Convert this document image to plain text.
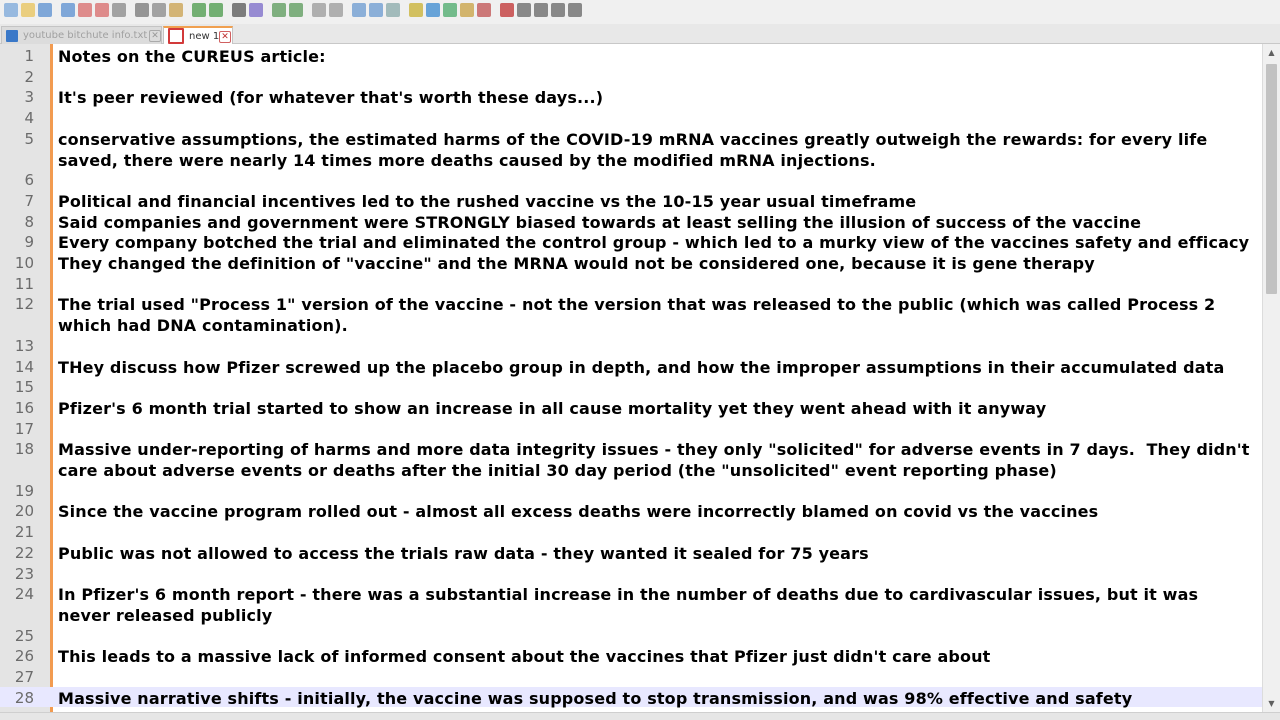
youtube bitchute info.txt ✕	new 1 ✕
1 Notes on the CUREUS article:
2
3 It's peer reviewed (for whatever that's worth these days...)
4
5 conservative assumptions, the estimated harms of the COVID-19 mRNA vaccines greatly outweigh the rewards: for every life saved, there were nearly 14 times more deaths caused by the modified mRNA injections.
6
7 Political and financial incentives led to the rushed vaccine vs the 10-15 year usual timeframe
8 Said companies and government were STRONGLY biased towards at least selling the illusion of success of the vaccine
9 Every company botched the trial and eliminated the control group - which led to a murky view of the vaccines safety and efficacy
10 They changed the definition of "vaccine" and the MRNA would not be considered one, because it is gene therapy
11
12 The trial used "Process 1" version of the vaccine - not the version that was released to the public (which was called Process 2 which had DNA contamination).
13
14 THey discuss how Pfizer screwed up the placebo group in depth, and how the improper assumptions in their accumulated data
15
16 Pfizer's 6 month trial started to show an increase in all cause mortality yet they went ahead with it anyway
17
18 Massive under-reporting of harms and more data integrity issues - they only "solicited" for adverse events in 7 days.  They didn't care about adverse events or deaths after the initial 30 day period (the "unsolicited" event reporting phase)
19
20 Since the vaccine program rolled out - almost all excess deaths were incorrectly blamed on covid vs the vaccines
21
22 Public was not allowed to access the trials raw data - they wanted it sealed for 75 years
23
24 In Pfizer's 6 month report - there was a substantial increase in the number of deaths due to cardivascular issues, but it was never released publicly
25
26 This leads to a massive lack of informed consent about the vaccines that Pfizer just didn't care about
27
28 Massive narrative shifts - initially, the vaccine was supposed to stop transmission, and was 98% effective and safety
▲
▼
